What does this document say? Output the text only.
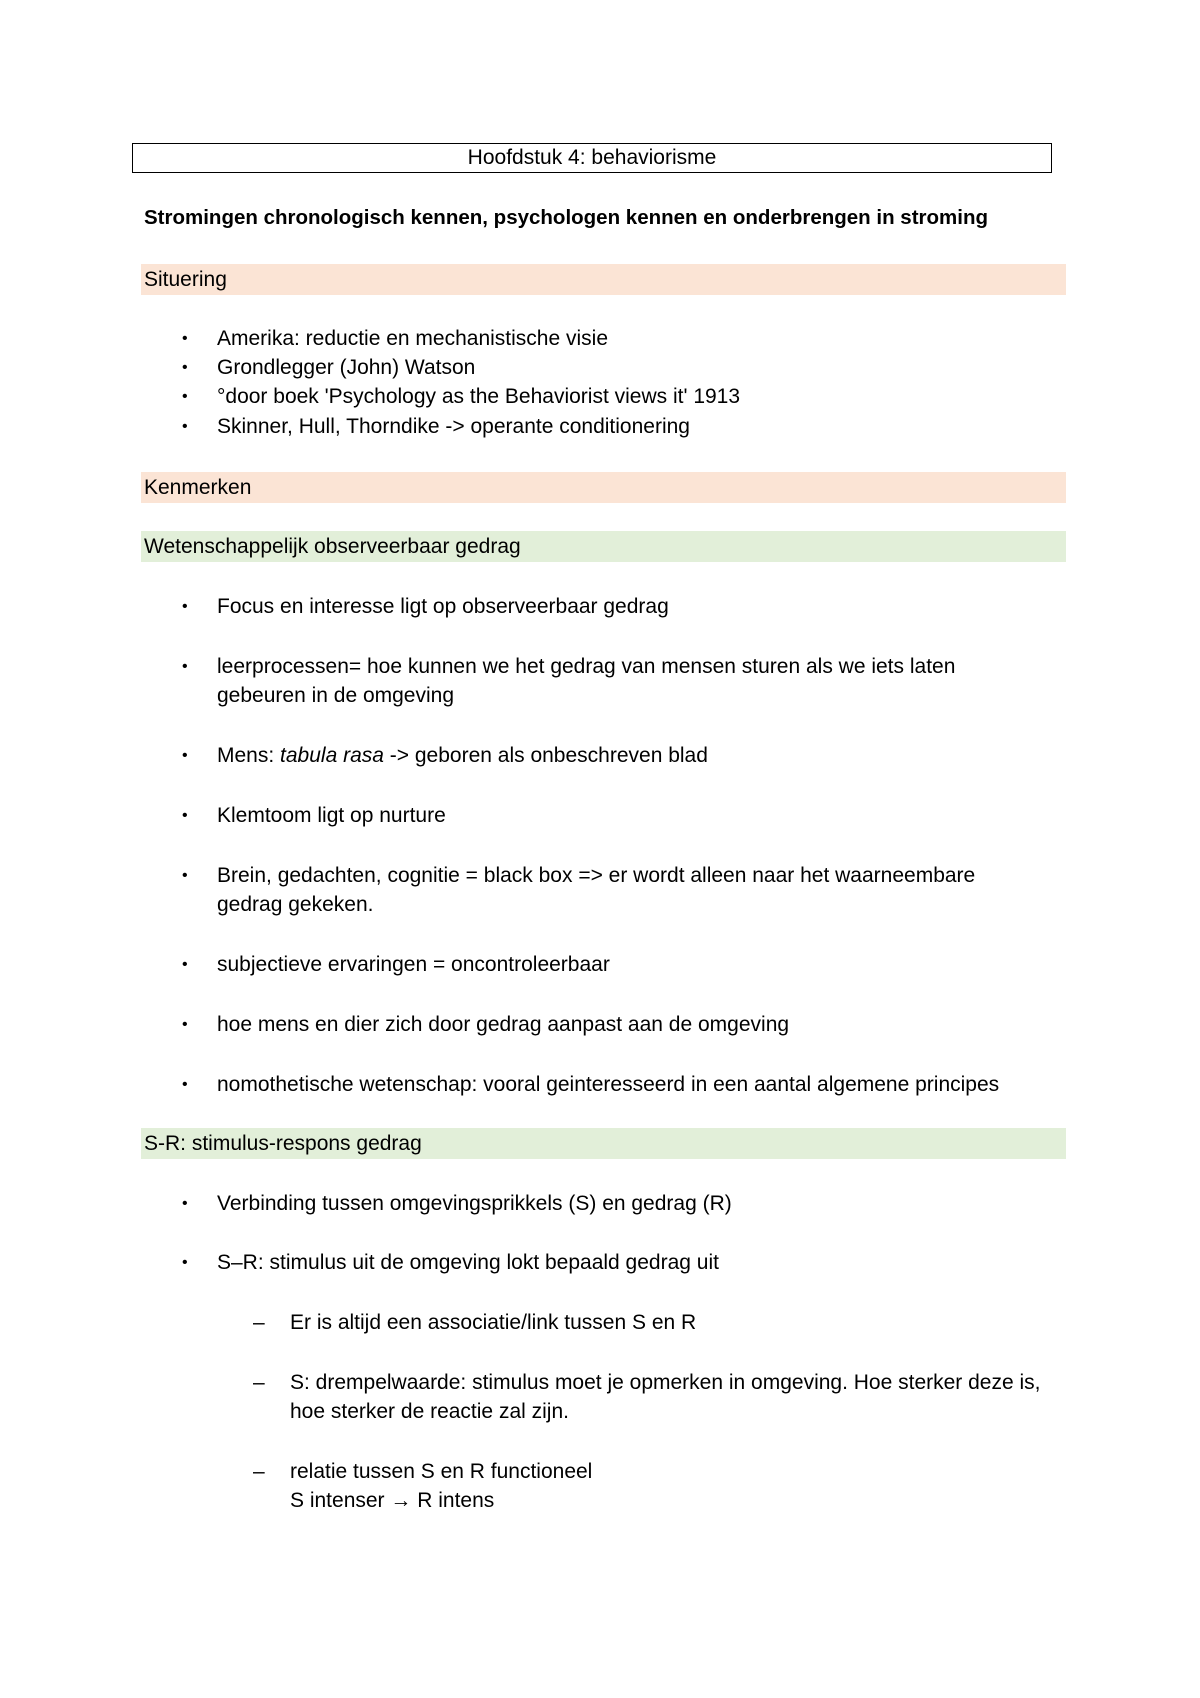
Hoofdstuk 4: behaviorisme
Stromingen chronologisch kennen, psychologen kennen en onderbrengen in stroming
Situering
• Amerika: reductie en mechanistische visie
• Grondlegger (John) Watson
• °door boek 'Psychology as the Behaviorist views it' 1913
• Skinner, Hull, Thorndike -> operante conditionering
Kenmerken
Wetenschappelijk observeerbaar gedrag
• Focus en interesse ligt op observeerbaar gedrag
• leerprocessen= hoe kunnen we het gedrag van mensen sturen als we iets laten gebeuren in de omgeving
• Mens: tabula rasa -> geboren als onbeschreven blad
• Klemtoom ligt op nurture
• Brein, gedachten, cognitie = black box => er wordt alleen naar het waarneembare gedrag gekeken.
• subjectieve ervaringen = oncontroleerbaar
• hoe mens en dier zich door gedrag aanpast aan de omgeving
• nomothetische wetenschap: vooral geinteresseerd in een aantal algemene principes
S-R: stimulus-respons gedrag
• Verbinding tussen omgevingsprikkels (S) en gedrag (R)
• S–R: stimulus uit de omgeving lokt bepaald gedrag uit
– Er is altijd een associatie/link tussen S en R
– S: drempelwaarde: stimulus moet je opmerken in omgeving. Hoe sterker deze is, hoe sterker de reactie zal zijn.
– relatie tussen S en R functioneel
S intenser → R intens
